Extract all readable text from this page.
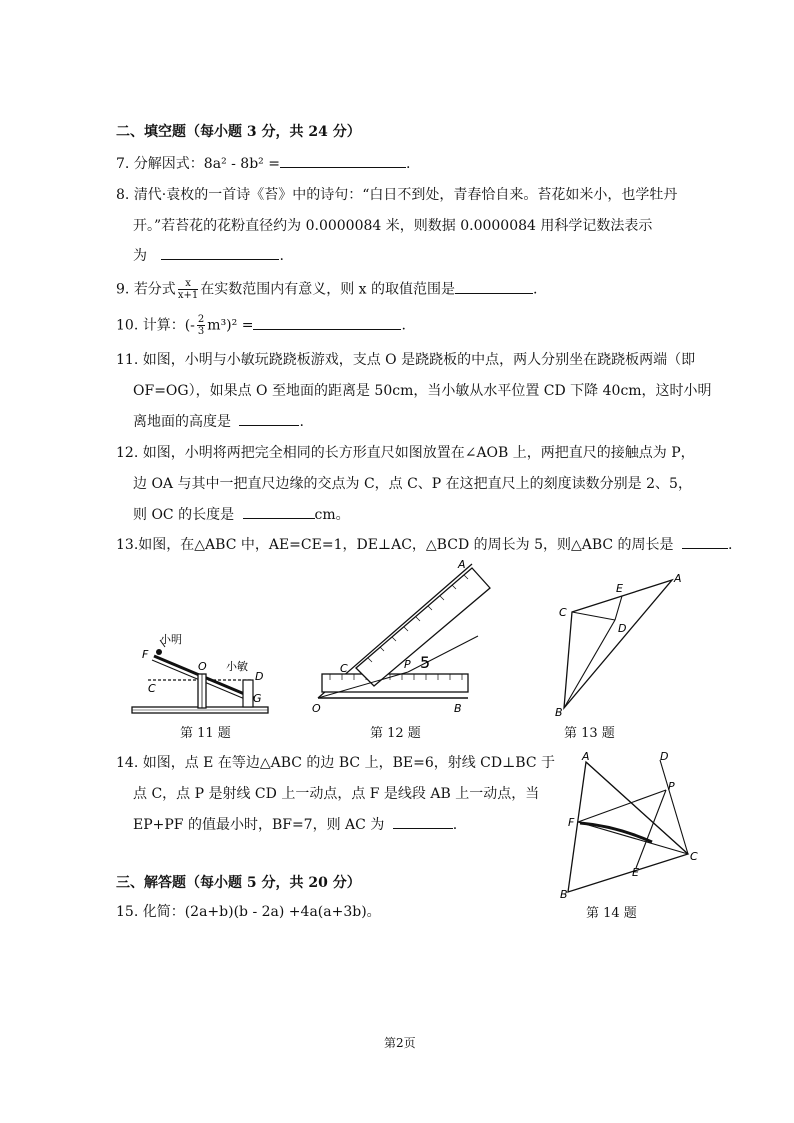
二、填空题（每小题 3 分，共 24 分）
7. 分解因式：8a² - 8b² =	.
8. 清代·袁枚的一首诗《苔》中的诗句：“白日不到处，青春恰自来。苔花如米小，也学牡丹
开。”若苔花的花粉直径约为 0.0000084 米，则数据 0.0000084 用科学记数法表示
为	.
9. 若分式 $\frac{x}{x+1}$ 在实数范围内有意义，则 x 的取值范围是	.
10. 计算：(- $\frac{2}{3} m^3)^2$ =	.
11. 如图，小明与小敏玩跷跷板游戏，支点 O 是跷跷板的中点，两人分别坐在跷跷板两端（即
OF=OG），如果点 O 至地面的距离是 50cm，当小敏从水平位置 CD 下降 40cm，这时小明
离地面的高度是	.
12. 如图，小明将两把完全相同的长方形直尺如图放置在∠AOB 上，两把直尺的接触点为 P，
边 OA 与其中一把直尺边缘的交点为 C，点 C、P 在这把直尺上的刻度读数分别是 2、5，
则 OC 的长度是	cm。
13.如图，在△ABC 中，AE=CE=1，DE⊥AC，△BCD 的周长为 5，则△ABC 的周长是	.
小明
F
O 小敏
C
D
G
第 11 题
A
C	P 5
O	B
第 12 题
A
E
C
D
B
第 13 题
14. 如图，点 E 在等边△ABC 的边 BC 上，BE=6，射线 CD⊥BC 于
点 C，点 P 是射线 CD 上一动点，点 F 是线段 AB 上一动点，当
EP+PF 的值最小时，BF=7，则 AC 为	.
A	D
P
F
C
E
B
第 14 题
三、解答题（每小题 5 分，共 20 分）
15. 化简：(2a+b)(b - 2a) +4a(a+3b)。
第2页
